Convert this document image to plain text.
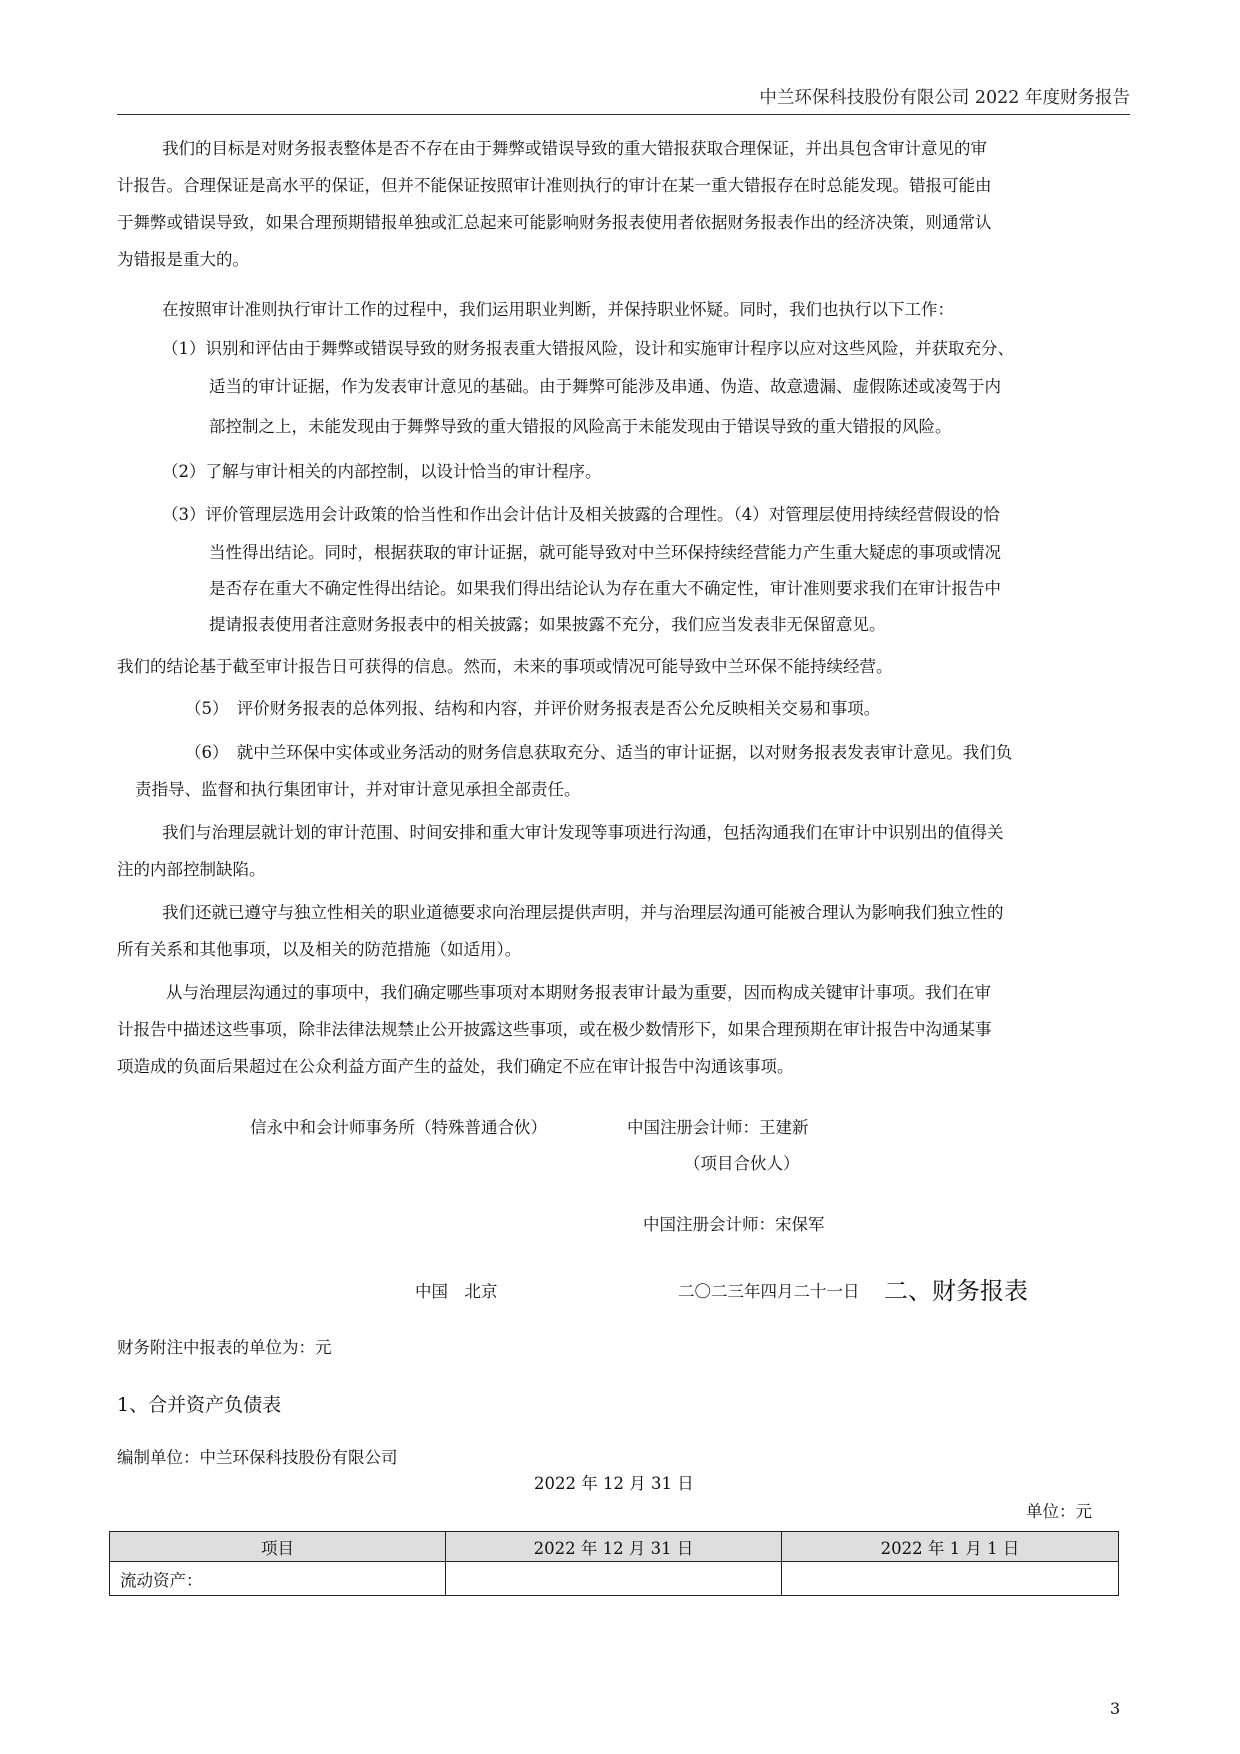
中兰环保科技股份有限公司 2022 年度财务报告
我们的目标是对财务报表整体是否不存在由于舞弊或错误导致的重大错报获取合理保证，并出具包含审计意见的审
计报告。合理保证是高水平的保证，但并不能保证按照审计准则执行的审计在某一重大错报存在时总能发现。错报可能由
于舞弊或错误导致，如果合理预期错报单独或汇总起来可能影响财务报表使用者依据财务报表作出的经济决策，则通常认
为错报是重大的。
在按照审计准则执行审计工作的过程中，我们运用职业判断，并保持职业怀疑。同时，我们也执行以下工作：
（1）识别和评估由于舞弊或错误导致的财务报表重大错报风险，设计和实施审计程序以应对这些风险，并获取充分、
适当的审计证据，作为发表审计意见的基础。由于舞弊可能涉及串通、伪造、故意遗漏、虚假陈述或凌驾于内
部控制之上，未能发现由于舞弊导致的重大错报的风险高于未能发现由于错误导致的重大错报的风险。
（2）了解与审计相关的内部控制，以设计恰当的审计程序。
（3）评价管理层选用会计政策的恰当性和作出会计估计及相关披露的合理性。（4）对管理层使用持续经营假设的恰
当性得出结论。同时，根据获取的审计证据，就可能导致对中兰环保持续经营能力产生重大疑虑的事项或情况
是否存在重大不确定性得出结论。如果我们得出结论认为存在重大不确定性，审计准则要求我们在审计报告中
提请报表使用者注意财务报表中的相关披露；如果披露不充分，我们应当发表非无保留意见。
我们的结论基于截至审计报告日可获得的信息。然而，未来的事项或情况可能导致中兰环保不能持续经营。
（5）　评价财务报表的总体列报、结构和内容，并评价财务报表是否公允反映相关交易和事项。
（6）　就中兰环保中实体或业务活动的财务信息获取充分、适当的审计证据，以对财务报表发表审计意见。我们负
责指导、监督和执行集团审计，并对审计意见承担全部责任。
我们与治理层就计划的审计范围、时间安排和重大审计发现等事项进行沟通，包括沟通我们在审计中识别出的值得关
注的内部控制缺陷。
我们还就已遵守与独立性相关的职业道德要求向治理层提供声明，并与治理层沟通可能被合理认为影响我们独立性的
所有关系和其他事项，以及相关的防范措施（如适用）。
从与治理层沟通过的事项中，我们确定哪些事项对本期财务报表审计最为重要，因而构成关键审计事项。我们在审
计报告中描述这些事项，除非法律法规禁止公开披露这些事项，或在极少数情形下，如果合理预期在审计报告中沟通某事
项造成的负面后果超过在公众利益方面产生的益处，我们确定不应在审计报告中沟通该事项。
信永中和会计师事务所（特殊普通合伙）	中国注册会计师：王建新
（项目合伙人）
中国注册会计师：宋保军
中国　北京	二〇二三年四月二十一日 二、财务报表
财务附注中报表的单位为：元
1、合并资产负债表
编制单位：中兰环保科技股份有限公司
2022 年 12 月 31 日
单位：元
项目	2022 年 12 月 31 日	2022 年 1 月 1 日
流动资产：		
3
